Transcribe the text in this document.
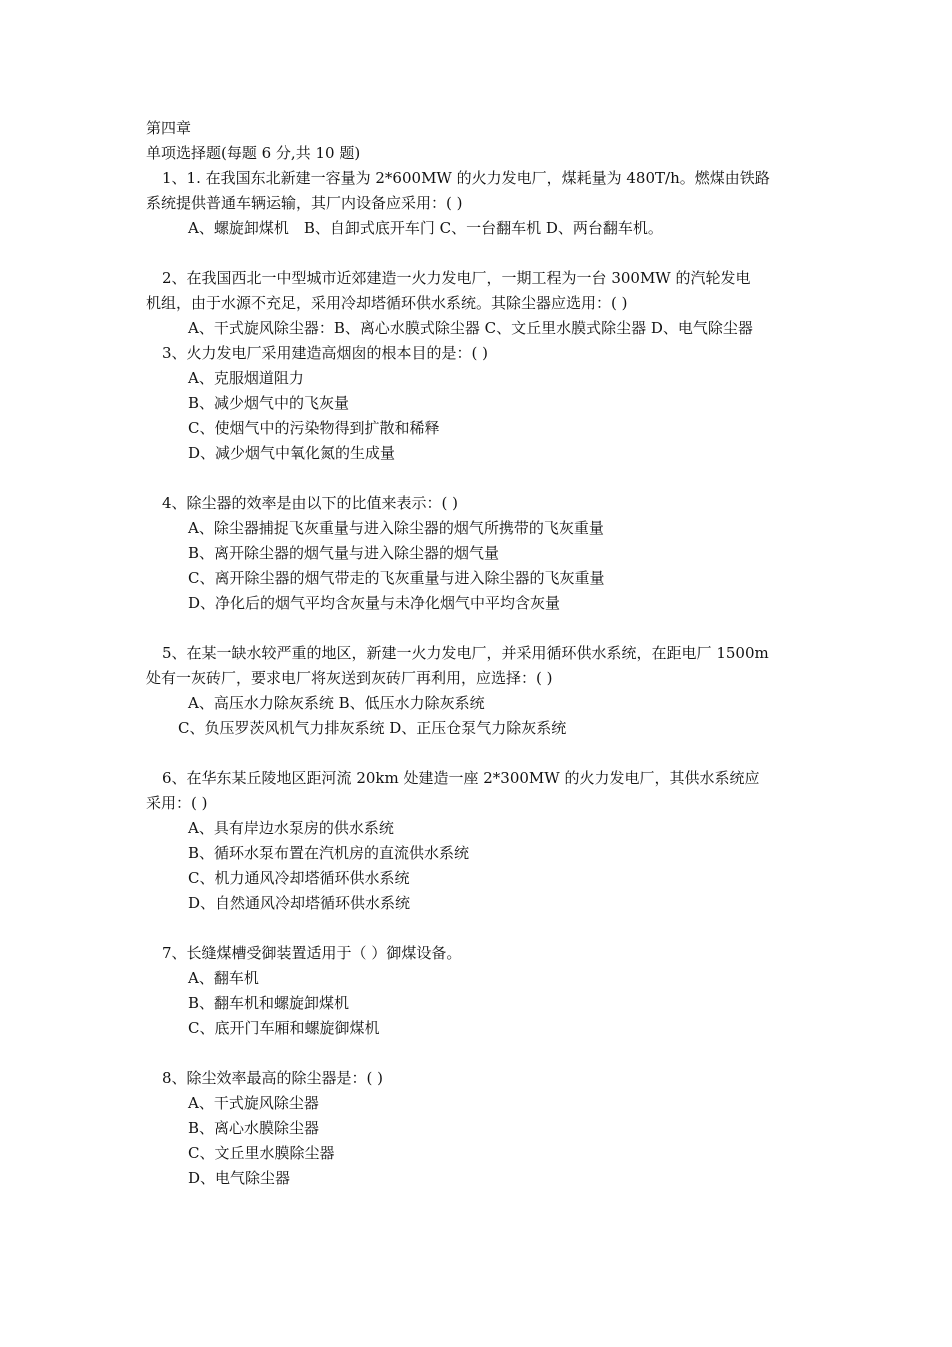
第四章
单项选择题(每题 6 分,共 10 题)
1、1. 在我国东北新建一容量为 2*600MW 的火力发电厂，煤耗量为 480T/h。燃煤由铁路
系统提供普通车辆运输，其厂内设备应采用：( )
A、螺旋卸煤机　B、自卸式底开车门 C、一台翻车机 D、两台翻车机。
2、在我国西北一中型城市近郊建造一火力发电厂，一期工程为一台 300MW 的汽轮发电
机组，由于水源不充足，采用冷却塔循环供水系统。其除尘器应选用：( )
A、干式旋风除尘器：B、离心水膜式除尘器 C、文丘里水膜式除尘器 D、电气除尘器
3、火力发电厂采用建造高烟囱的根本目的是：( )
A、克服烟道阻力
B、减少烟气中的飞灰量
C、使烟气中的污染物得到扩散和稀释
D、减少烟气中氧化氮的生成量
4、除尘器的效率是由以下的比值来表示：( )
A、除尘器捕捉飞灰重量与进入除尘器的烟气所携带的飞灰重量
B、离开除尘器的烟气量与进入除尘器的烟气量
C、离开除尘器的烟气带走的飞灰重量与进入除尘器的飞灰重量
D、净化后的烟气平均含灰量与未净化烟气中平均含灰量
5、在某一缺水较严重的地区，新建一火力发电厂，并采用循环供水系统，在距电厂 1500m
处有一灰砖厂，要求电厂将灰送到灰砖厂再利用，应选择：( )
A、高压水力除灰系统 B、低压水力除灰系统
C、负压罗茨风机气力排灰系统 D、正压仓泵气力除灰系统
6、在华东某丘陵地区距河流 20km 处建造一座 2*300MW 的火力发电厂，其供水系统应
采用：( )
A、具有岸边水泵房的供水系统
B、循环水泵布置在汽机房的直流供水系统
C、机力通风冷却塔循环供水系统
D、自然通风冷却塔循环供水系统
7、长缝煤槽受御装置适用于（ ）御煤设备。
A、翻车机
B、翻车机和螺旋卸煤机
C、底开门车厢和螺旋御煤机
8、除尘效率最高的除尘器是：( )
A、干式旋风除尘器
B、离心水膜除尘器
C、文丘里水膜除尘器
D、电气除尘器
